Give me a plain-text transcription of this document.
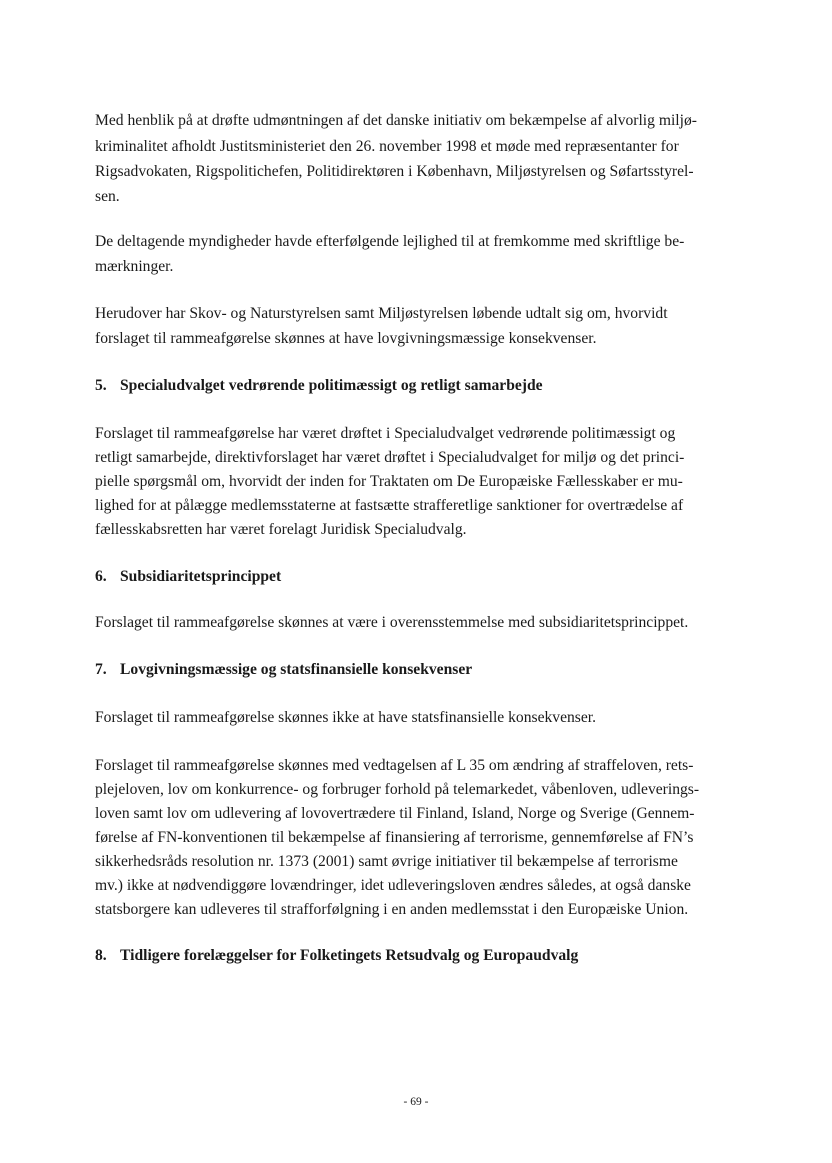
Med henblik på at drøfte udmøntningen af det danske initiativ om bekæmpelse af alvorlig miljø-

kriminalitet afholdt Justitsministeriet den 26. november 1998 et møde med repræsentanter for

Rigsadvokaten, Rigspolitichefen, Politidirektøren i København, Miljøstyrelsen og Søfartsstyrel-

sen.

De deltagende myndigheder havde efterfølgende lejlighed til at fremkomme med skriftlige be-

mærkninger.

Herudover har Skov- og Naturstyrelsen samt Miljøstyrelsen løbende udtalt sig om, hvorvidt

forslaget til rammeafgørelse skønnes at have lovgivningsmæssige konsekvenser.

5. Specialudvalget vedrørende politimæssigt og retligt samarbejde

Forslaget til rammeafgørelse har været drøftet i Specialudvalget vedrørende politimæssigt og

retligt samarbejde, direktivforslaget har været drøftet i Specialudvalget for miljø og det princi-

pielle spørgsmål om, hvorvidt der inden for Traktaten om De Europæiske Fællesskaber er mu-

lighed for at pålægge medlemsstaterne at fastsætte strafferetlige sanktioner for overtrædelse af

fællesskabsretten har været forelagt Juridisk Specialudvalg.

6. Subsidiaritetsprincippet

Forslaget til rammeafgørelse skønnes at være i overensstemmelse med subsidiaritetsprincippet.

7. Lovgivningsmæssige og statsfinansielle konsekvenser

Forslaget til rammeafgørelse skønnes ikke at have statsfinansielle konsekvenser.

Forslaget til rammeafgørelse skønnes med vedtagelsen af L 35 om ændring af straffeloven, rets-

plejeloven, lov om konkurrence- og forbruger forhold på telemarkedet, våbenloven, udleverings-

loven samt lov om udlevering af lovovertrædere til Finland, Island, Norge og Sverige (Gennem-

førelse af FN-konventionen til bekæmpelse af finansiering af terrorisme, gennemførelse af FN’s

sikkerhedsråds resolution nr. 1373 (2001) samt øvrige initiativer til bekæmpelse af terrorisme

mv.) ikke at nødvendiggøre lovændringer, idet udleveringsloven ændres således, at også danske

statsborgere kan udleveres til strafforfølgning i en anden medlemsstat i den Europæiske Union.

8. Tidligere forelæggelser for Folketingets Retsudvalg og Europaudvalg
- 69 -
